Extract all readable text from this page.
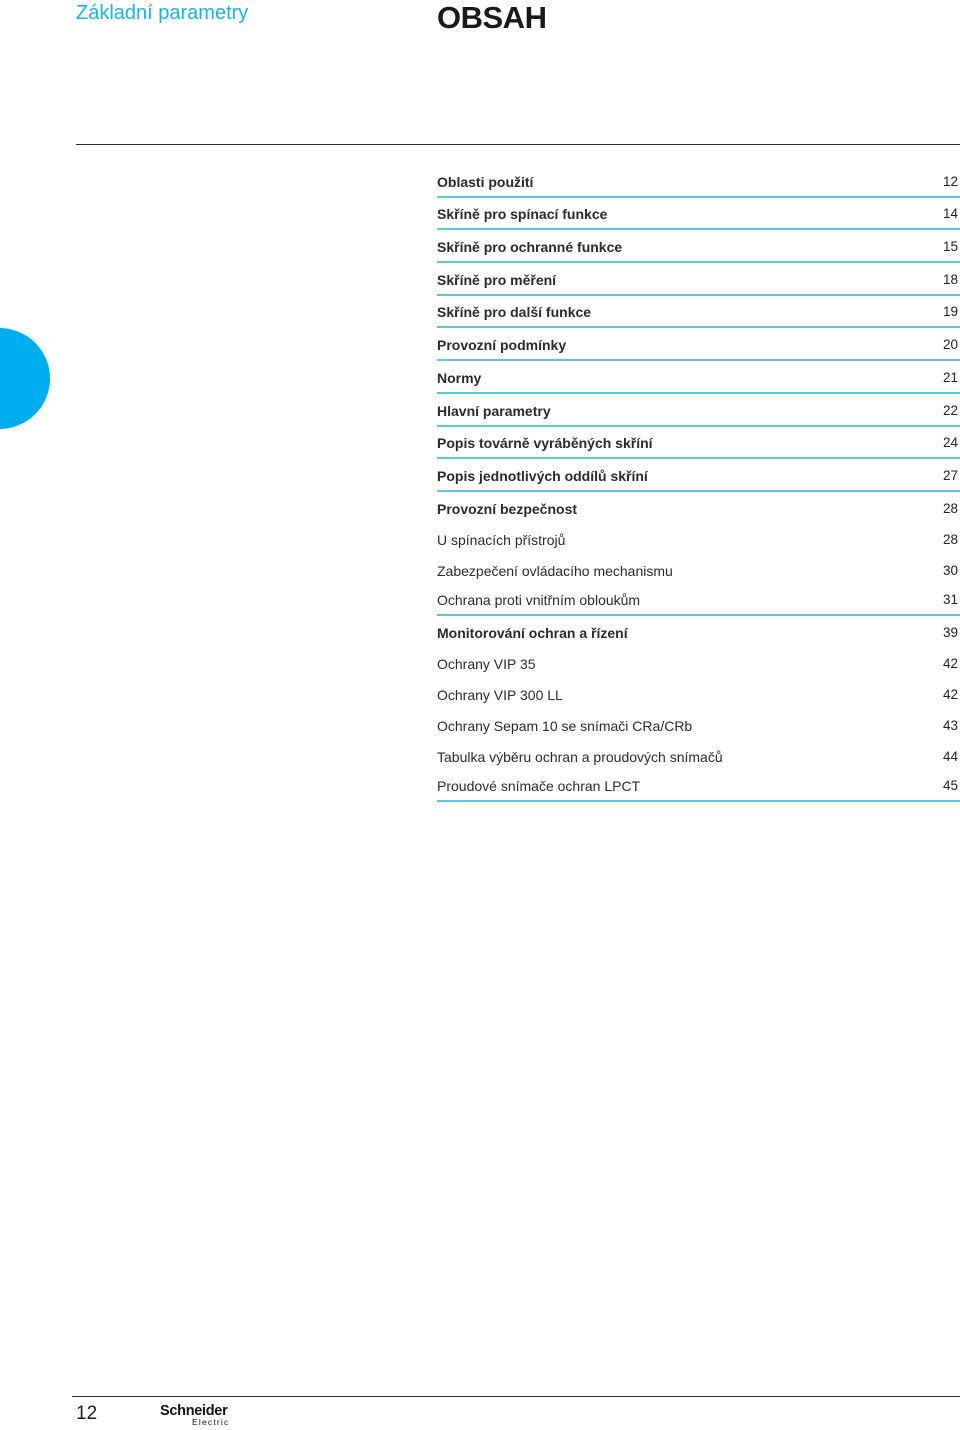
Základní parametry	OBSAH
Oblasti použití	12
Skříně pro spínací funkce	14
Skříně pro ochranné funkce	15
Skříně pro měření	18
Skříně pro další funkce	19
Provozní podmínky	20
Normy	21
Hlavní parametry	22
Popis továrně vyráběných skříní	24
Popis jednotlivých oddílů skříní	27
Provozní bezpečnost	28
U spínacích přístrojů	28
Zabezpečení ovládacího mechanismu	30
Ochrana proti vnitřním obloukům	31
Monitorování ochran a řízení	39
Ochrany VIP 35	42
Ochrany VIP 300 LL	42
Ochrany Sepam 10 se snímači CRa/CRb	43
Tabulka výběru ochran a proudových snímačů	44
Proudové snímače ochran LPCT	45
12	Schneider
Electric
